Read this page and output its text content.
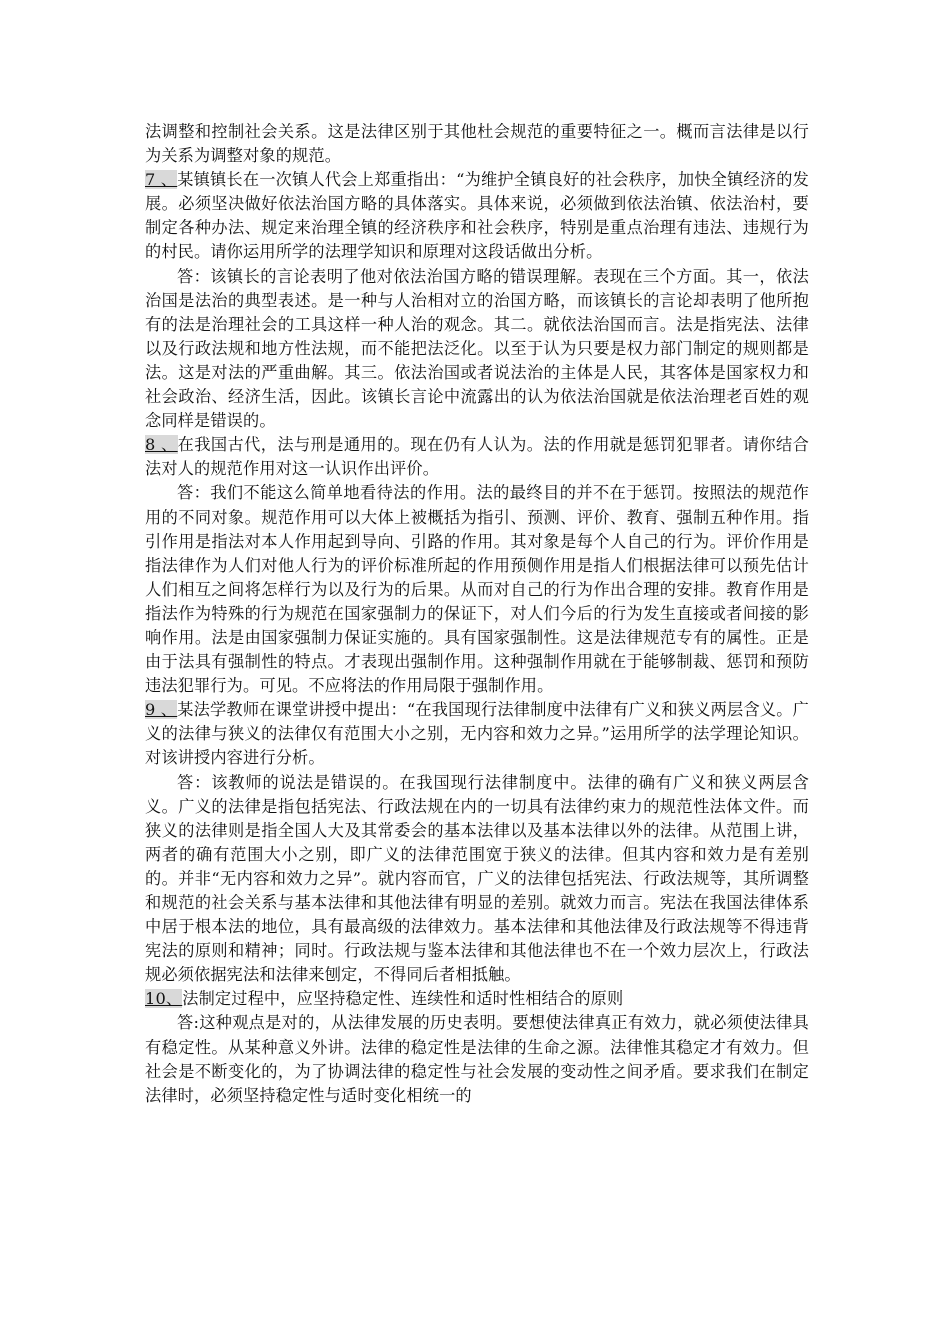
法调整和控制社会关系。这是法律区别于其他杜会规范的重要特征之一。概而言法律是以行为关系为调整对象的规范。

7 、某镇镇长在一次镇人代会上郑重指出：“为维护全镇良好的社会秩序，加快全镇经济的发展。必须坚决做好依法治国方略的具体落实。具体来说，必须做到依法治镇、依法治村，要制定各种办法、规定来治理全镇的经济秩序和社会秩序，特别是重点治理有违法、违规行为的村民。请你运用所学的法理学知识和原理对这段话做出分析。

答：该镇长的言论表明了他对依法治国方略的错误理解。表现在三个方面。其一，依法治国是法治的典型表述。是一种与人治相对立的治国方略，而该镇长的言论却表明了他所抱有的法是治理社会的工具这样一种人治的观念。其二。就依法治国而言。法是指宪法、法律以及行政法规和地方性法规，而不能把法泛化。以至于认为只要是权力部门制定的规则都是法。这是对法的严重曲解。其三。依法治国或者说法治的主体是人民，其客体是国家权力和社会政治、经济生活，因此。该镇长言论中流露出的认为依法治国就是依法治理老百姓的观念同样是错误的。

8 、在我国古代，法与刑是通用的。现在仍有人认为。法的作用就是惩罚犯罪者。请你结合法对人的规范作用对这一认识作出评价。

答：我们不能这么简单地看待法的作用。法的最终目的并不在于惩罚。按照法的规范作用的不同对象。规范作用可以大体上被概括为指引、预测、评价、教育、强制五种作用。指引作用是指法对本人作用起到导向、引路的作用。其对象是每个人自己的行为。评价作用是指法律作为人们对他人行为的评价标准所起的作用预侧作用是指人们根据法律可以预先估计人们相互之间将怎样行为以及行为的后果。从而对自己的行为作出合理的安排。教育作用是指法作为特殊的行为规范在国家强制力的保证下，对人们今后的行为发生直接或者间接的影响作用。法是由国家强制力保证实施的。具有国家强制性。这是法律规范专有的属性。正是由于法具有强制性的特点。才表现出强制作用。这种强制作用就在于能够制裁、惩罚和预防违法犯罪行为。可见。不应将法的作用局限于强制作用。

9 、某法学教师在课堂讲授中提出：“在我国现行法律制度中法律有广义和狭义两层含义。广义的法律与狭义的法律仅有范围大小之别，无内容和效力之异。”运用所学的法学理论知识。对该讲授内容进行分析。

答：该教师的说法是错误的。在我国现行法律制度中。法律的确有广义和狭义两层含义。广义的法律是指包括宪法、行政法规在内的一切具有法律约束力的规范性法体文件。而狭义的法律则是指全国人大及其常委会的基本法律以及基本法律以外的法律。从范围上讲，两者的确有范围大小之别，即广义的法律范围宽于狭义的法律。但其内容和效力是有差别的。并非“无内容和效力之异”。就内容而官，广义的法律包括宪法、行政法规等，其所调整和规范的社会关系与基本法律和其他法律有明显的差别。就效力而言。宪法在我国法律体系中居于根本法的地位，具有最高级的法律效力。基本法律和其他法律及行政法规等不得违背宪法的原则和精神；同时。行政法规与鉴本法律和其他法律也不在一个效力层次上，行政法规必须依据宪法和法律来刨定，不得同后者相抵触。

10、法制定过程中，应坚持稳定性、连续性和适时性相结合的原则

答:这种观点是对的，从法律发展的历史表明。要想使法律真正有效力，就必须使法律具有稳定性。从某种意义外讲。法律的稳定性是法律的生命之源。法律惟其稳定才有效力。但社会是不断变化的，为了协调法律的稳定性与社会发展的变动性之间矛盾。要求我们在制定法律时，必须坚持稳定性与适时变化相统一的
